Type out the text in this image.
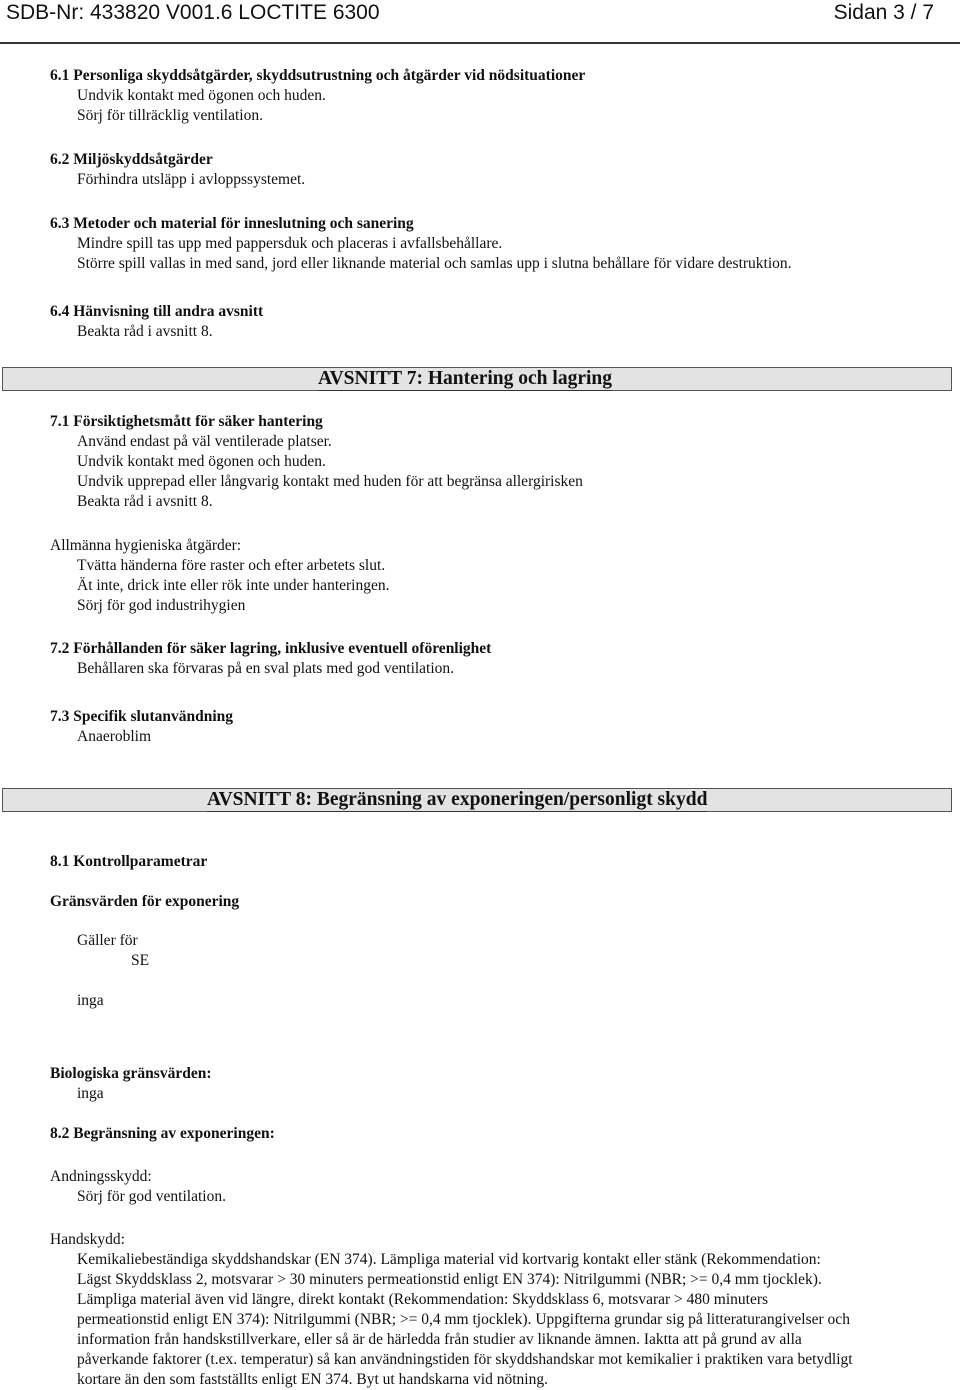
SDB-Nr: 433820 V001.6 LOCTITE 6300	Sidan 3 / 7
6.1 Personliga skyddsåtgärder, skyddsutrustning och åtgärder vid nödsituationer
Undvik kontakt med ögonen och huden.
Sörj för tillräcklig ventilation.
6.2 Miljöskyddsåtgärder
Förhindra utsläpp i avloppssystemet.
6.3 Metoder och material för inneslutning och sanering
Mindre spill tas upp med pappersduk och placeras i avfallsbehållare.
Större spill vallas in med sand, jord eller liknande material och samlas upp i slutna behållare för vidare destruktion.
6.4 Hänvisning till andra avsnitt
Beakta råd i avsnitt 8.
AVSNITT 7: Hantering och lagring
7.1 Försiktighetsmått för säker hantering
Använd endast på väl ventilerade platser.
Undvik kontakt med ögonen och huden.
Undvik upprepad eller långvarig kontakt med huden för att begränsa allergirisken
Beakta råd i avsnitt 8.
Allmänna hygieniska åtgärder:
Tvätta händerna före raster och efter arbetets slut.
Ät inte, drick inte eller rök inte under hanteringen.
Sörj för god industrihygien
7.2 Förhållanden för säker lagring, inklusive eventuell oförenlighet
Behållaren ska förvaras på en sval plats med god ventilation.
7.3 Specifik slutanvändning
Anaeroblim
AVSNITT 8: Begränsning av exponeringen/personligt skydd
8.1 Kontrollparametrar
Gränsvärden för exponering
Gäller för
SE
inga
Biologiska gränsvärden:
inga
8.2 Begränsning av exponeringen:
Andningsskydd:
Sörj för god ventilation.
Handskydd:
Kemikaliebeständiga skyddshandskar (EN 374). Lämpliga material vid kortvarig kontakt eller stänk (Rekommendation:
Lägst Skyddsklass 2, motsvarar > 30 minuters permeationstid enligt EN 374): Nitrilgummi (NBR; >= 0,4 mm tjocklek).
Lämpliga material även vid längre, direkt kontakt (Rekommendation: Skyddsklass 6, motsvarar > 480 minuters
permeationstid enligt EN 374): Nitrilgummi (NBR; >= 0,4 mm tjocklek). Uppgifterna grundar sig på litteraturangivelser och
information från handskstillverkare, eller så är de härledda från studier av liknande ämnen. Iaktta att på grund av alla
påverkande faktorer (t.ex. temperatur) så kan användningstiden för skyddshandskar mot kemikalier i praktiken vara betydligt
kortare än den som fastställts enligt EN 374. Byt ut handskarna vid nötning.
